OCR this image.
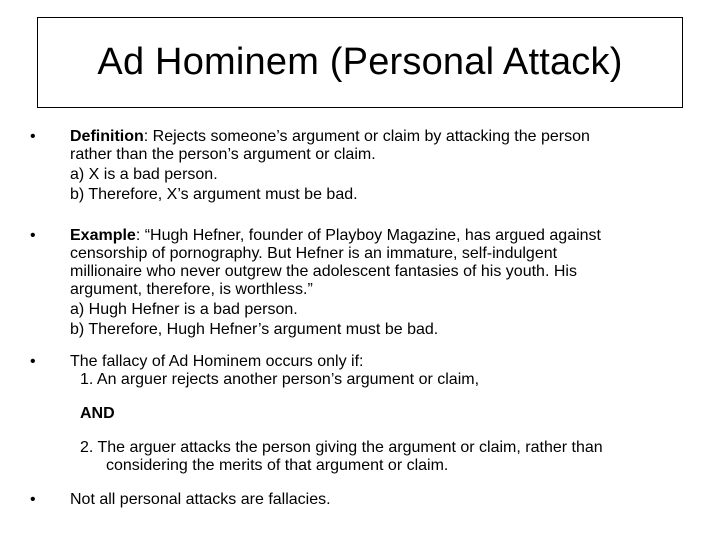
Ad Hominem (Personal Attack)
• Definition: Rejects someone’s argument or claim by attacking the person
rather than the person’s argument or claim.
a) X is a bad person.
b) Therefore, X’s argument must be bad.
• Example: “Hugh Hefner, founder of Playboy Magazine, has argued against
censorship of pornography. But Hefner is an immature, self-indulgent
millionaire who never outgrew the adolescent fantasies of his youth. His
argument, therefore, is worthless.”
a) Hugh Hefner is a bad person.
b) Therefore, Hugh Hefner’s argument must be bad.
• The fallacy of Ad Hominem occurs only if:
1. An arguer rejects another person’s argument or claim,
AND
2. The arguer attacks the person giving the argument or claim, rather than
considering the merits of that argument or claim.
• Not all personal attacks are fallacies.
